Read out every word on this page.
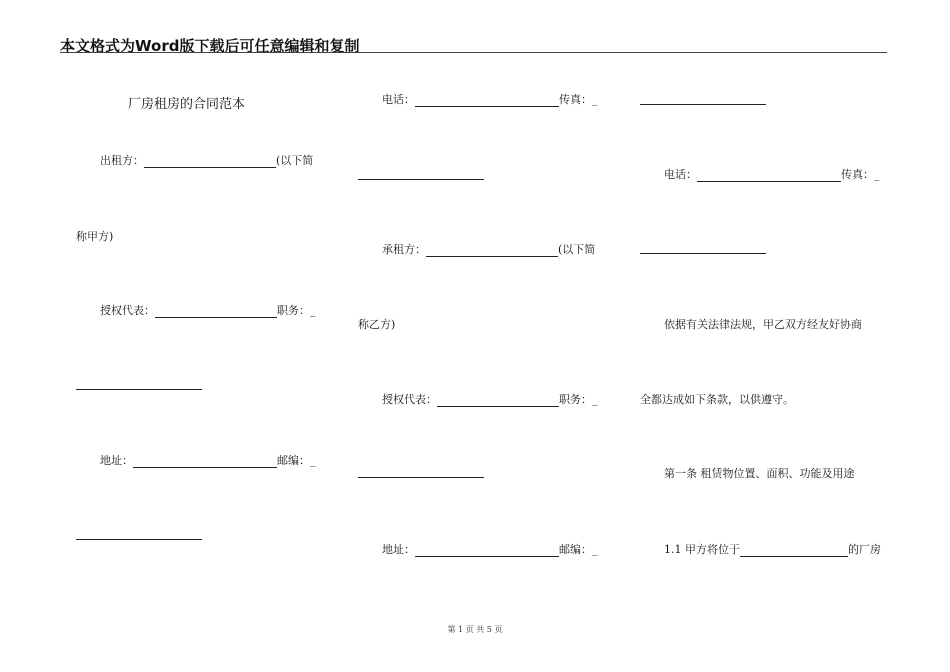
本文格式为Word版下载后可任意编辑和复制
厂房租房的合同范本
出租方：	(以下简
称甲方)
授权代表：	职务：_
地址：	邮编：_
电话：	传真：_
承租方：	(以下简
称乙方)
授权代表：	职务：_
地址：	邮编：_
电话：	传真：_
依据有关法律法规，甲乙双方经友好协商
全都达成如下条款，以供遵守。
第一条 租赁物位置、面积、功能及用途
1.1 甲方将位于	的厂房
第 1 页 共 5 页
